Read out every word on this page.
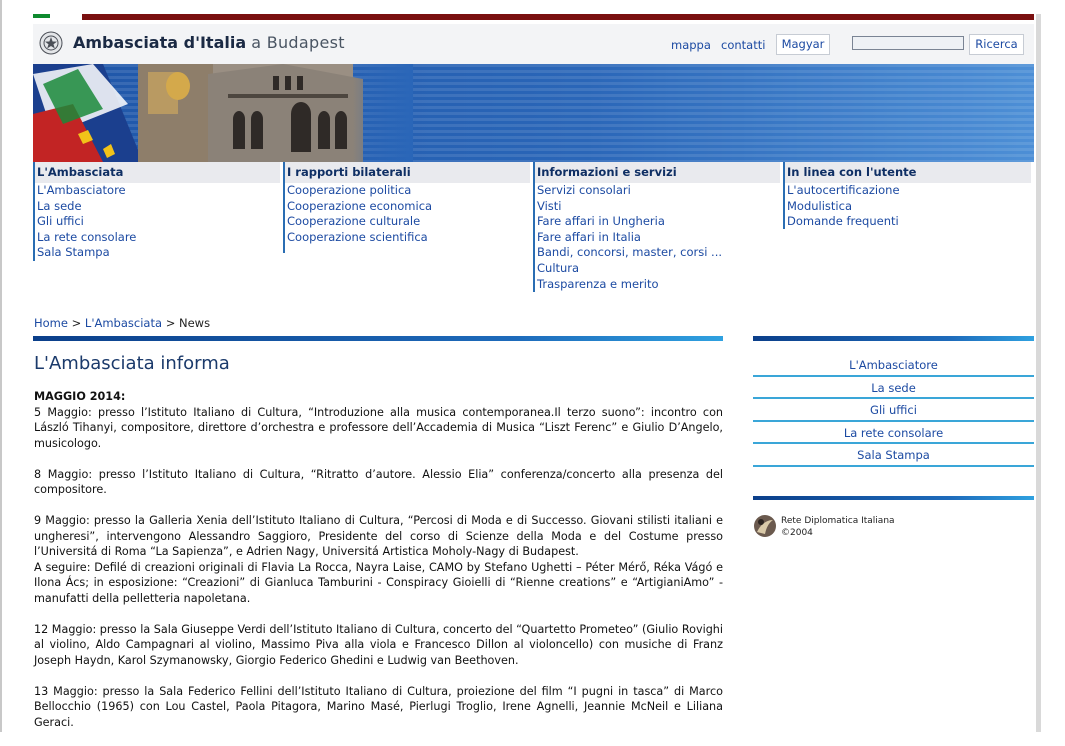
Ambasciata d'Italia a Budapest	mappa contatti	Magyar	Ricerca
L'Ambasciata
L'Ambasciatore
La sede
Gli uffici
La rete consolare
Sala Stampa
I rapporti bilaterali
Cooperazione politica
Cooperazione economica
Cooperazione culturale
Cooperazione scientifica
Informazioni e servizi
Servizi consolari
Visti
Fare affari in Ungheria
Fare affari in Italia
Bandi, concorsi, master, corsi ...
Cultura
Trasparenza e merito
In linea con l'utente
L'autocertificazione
Modulistica
Domande frequenti
Home > L'Ambasciata > News
L'Ambasciata informa
MAGGIO 2014:

5 Maggio: presso l’Istituto Italiano di Cultura, “Introduzione alla musica contemporanea.Il terzo suono”: incontro con László Tihanyi, compositore, direttore d’orchestra e professore dell’Accademia di Musica “Liszt Ferenc” e Giulio D’Angelo, musicologo.

8 Maggio: presso l’Istituto Italiano di Cultura, “Ritratto d’autore. Alessio Elia” conferenza/concerto alla presenza del compositore.

9 Maggio: presso la Galleria Xenia dell’Istituto Italiano di Cultura, “Percosi di Moda e di Successo. Giovani stilisti italiani e ungheresi”, intervengono Alessandro Saggioro, Presidente del corso di Scienze della Moda e del Costume presso l’Universitá di Roma “La Sapienza”, e Adrien Nagy, Universitá Artistica Moholy-Nagy di Budapest.

A seguire: Defilé di creazioni originali di Flavia La Rocca, Nayra Laise, CAMO by Stefano Ughetti – Péter Mérő, Réka Vágó e Ilona Ács; in esposizione: “Creazioni” di Gianluca Tamburini - Conspiracy Gioielli di “Rienne creations” e “ArtigianiAmo” - manufatti della pelletteria napoletana.

12 Maggio: presso la Sala Giuseppe Verdi dell’Istituto Italiano di Cultura, concerto del “Quartetto Prometeo” (Giulio Rovighi al violino, Aldo Campagnari al violino, Massimo Piva alla viola e Francesco Dillon al violoncello) con musiche di Franz Joseph Haydn, Karol Szymanowsky, Giorgio Federico Ghedini e Ludwig van Beethoven.

13 Maggio: presso la Sala Federico Fellini dell’Istituto Italiano di Cultura, proiezione del film “I pugni in tasca” di Marco Bellocchio (1965) con Lou Castel, Paola Pitagora, Marino Masé, Pierlugi Troglio, Irene Agnelli, Jeannie McNeil e Liliana Geraci.

L'Ambasciatore
La sede
Gli uffici
La rete consolare
Sala Stampa
Rete Diplomatica Italiana
©2004
